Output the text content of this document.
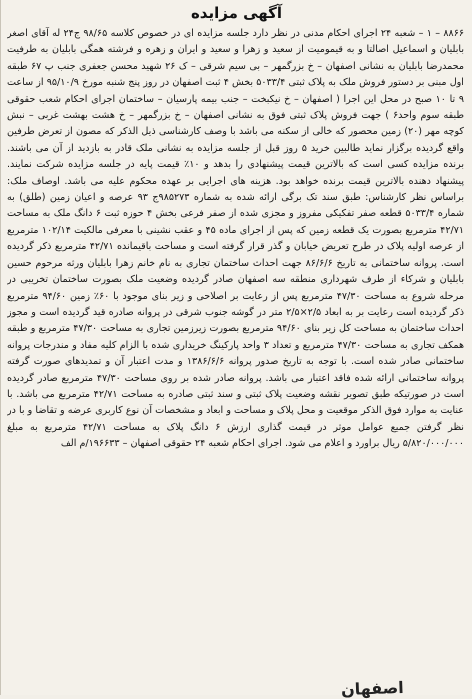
آگهی مزایده

۸۸۶۶ – ۱ – شعبه ۲۴ اجرای احکام مدنی در نظر دارد جلسه مزایده ای در خصوص کلاسه ۹۸/۶۵ ج۲۴ له آقای اصغر بابلیان و اسماعیل اصالتا و به قیمومیت از سعید و زهرا و سعید و ایران و زهره و فرشته همگی بابلیان به طرفیت محمدرضا بابلیان به نشانی اصفهان – خ بزرگمهر – بی سیم شرقی – ک ۲۶ شهید محسن جعفری جنب پ ۶۷ طبقه اول مبنی بر دستور فروش ملک به پلاک ثبتی ۵۰۳۳/۴ بخش ۴ ثبت اصفهان در روز پنج شنبه مورخ ۹۵/۱۰/۹ از ساعت ۹ تا ۱۰ صبح در محل این اجرا ( اصفهان – خ نیکبخت – جنب بیمه پارسیان – ساختمان اجرای احکام شعب حقوقی طبقه سوم واحد۶ ) جهت فروش پلاک ثبتی فوق به نشانی اصفهان – خ بزرگمهر – خ هشت بهشت غربی – نبش کوچه مهر (۲۰) زمین محصور که خالی از سکنه می باشد با وصف کارشناسی ذیل الذکر که مصون از تعرض طرفین واقع گردیده برگزار نماید طالبین خرید ۵ روز قبل از جلسه مزایده به نشانی ملک قادر به بازدید از آن می باشند. برنده مزایده کسی است که بالاترین قیمت پیشنهادی را بدهد و ۱۰٪ قیمت پایه در جلسه مزایده شرکت نمایند. پیشنهاد دهنده بالاترین قیمت برنده خواهد بود. هزینه های اجرایی بر عهده محکوم علیه می باشد. اوصاف ملک: براساس نظر کارشناس: طبق سند تک برگی ارائه شده به شماره ۹۸۵۲۷۳ج ۹۳ عرصه و اعیان زمین (طلق) به شماره ۵۰۳۳/۴ قطعه صفر تفکیکی مفروز و مجزی شده از صفر فرعی بخش ۴ حوزه ثبت ۶ دانگ ملک به مساحت ۴۲/۷۱ مترمربع بصورت یک قطعه زمین که پس از اجرای ماده ۴۵ و عقب نشینی با معرفی مالکیت ۱۰۲/۱۴ مترمربع از عرصه اولیه پلاک در طرح تعریض خیابان و گذر قرار گرفته است و مساحت باقیمانده ۴۲/۷۱ مترمربع ذکر گردیده است. پروانه ساختمانی به تاریخ ۸۶/۶/۶ جهت احداث ساختمان تجاری به نام خانم زهرا بابلیان ورثه مرحوم حسین بابلیان و شرکاء از طرف شهرداری منطقه سه اصفهان صادر گردیده وضعیت ملک بصورت ساختمان تخریبی در مرحله شروع به مساحت ۴۷/۳۰ مترمربع پس از رعایت بر اصلاحی و زیر بنای موجود با ۶۰٪ زمین ۹۴/۶۰ مترمربع ذکر گردیده است رعایت بر به ابعاد ۲/۵×۲/۵ متر در گوشه جنوب شرقی در پروانه صادره قید گردیده است و مجوز احداث ساختمان به مساحت کل زیر بنای ۹۴/۶۰ مترمربع بصورت زیرزمین تجاری به مساحت ۴۷/۳۰ مترمربع و طبقه همکف تجاری به مساحت ۴۷/۳۰ مترمربع و تعداد ۳ واحد پارکینگ خریداری شده با الزام کلیه مفاد و مندرجات پروانه ساختمانی صادر شده است. با توجه به تاریخ صدور پروانه ۱۳۸۶/۶/۶ و مدت اعتبار آن و تمدیدهای صورت گرفته پروانه ساختمانی ارائه شده فاقد اعتبار می باشد. پروانه صادر شده بر روی مساحت ۴۷/۳۰ مترمربع صادر گردیده است در صورتیکه طبق تصویر نقشه وضعیت پلاک ثبتی و سند ثبتی صادره به مساحت ۴۲/۷۱ مترمربع می باشد. با عنایت به موارد فوق الذکر موقعیت و محل پلاک و مساحت و ابعاد و مشخصات آن نوع کاربری عرضه و تقاضا و با در نظر گرفتن جمیع عوامل موثر در قیمت گذاری ارزش ۶ دانگ پلاک به مساحت ۴۲/۷۱ مترمربع به مبلغ ۵/۸۲۰/۰۰۰/۰۰۰ ریال براورد و اعلام می شود. اجرای احکام شعبه ۲۴ حقوقی اصفهان – ۱۹۶۶۳۳/م الف

اصفهان
